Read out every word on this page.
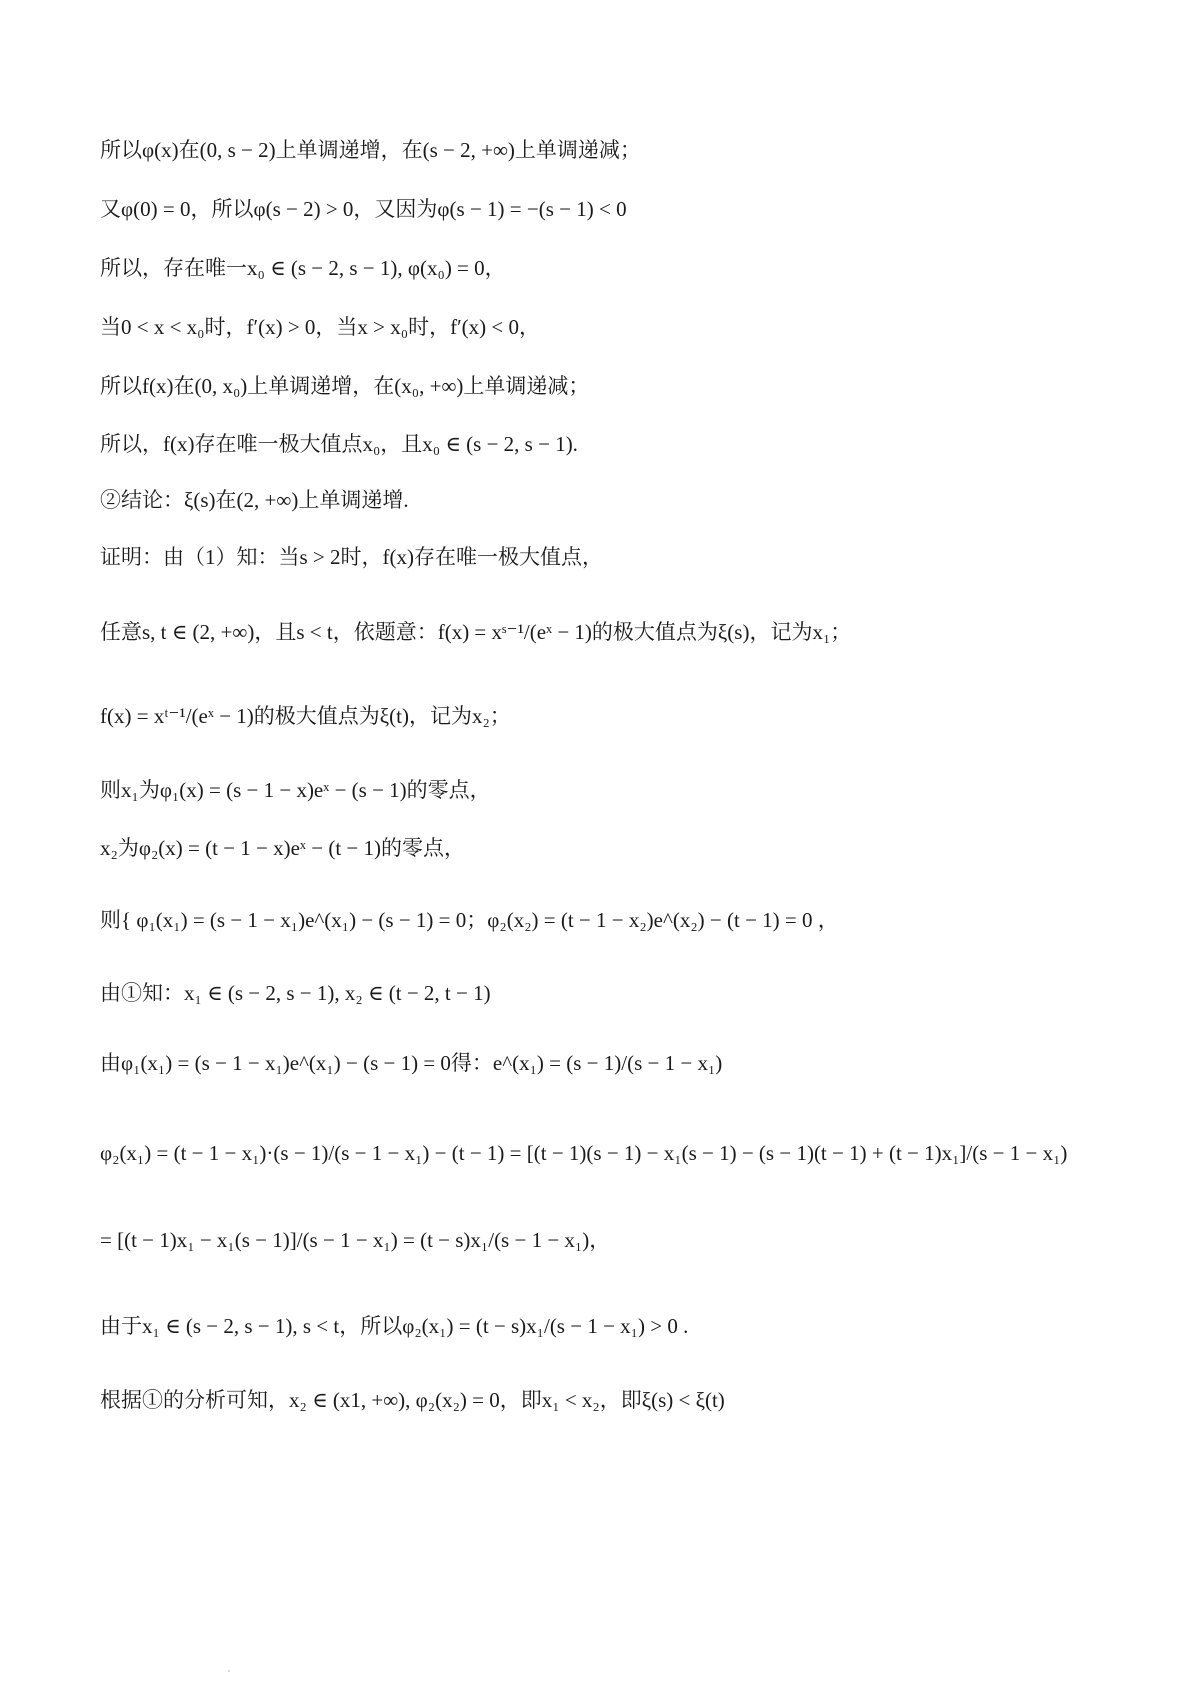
所以φ(x)在(0, s − 2)上单调递增，在(s − 2, +∞)上单调递减；
又φ(0) = 0，所以φ(s − 2) > 0，又因为φ(s − 1) = −(s − 1) < 0
所以，存在唯一x₀ ∈ (s − 2, s − 1), φ(x₀) = 0，
当0 < x < x₀时，f′(x) > 0，当x > x₀时，f′(x) < 0，
所以f(x)在(0, x₀)上单调递增，在(x₀, +∞)上单调递减；
所以，f(x)存在唯一极大值点x₀，且x₀ ∈ (s − 2, s − 1).
②结论：ξ(s)在(2, +∞)上单调递增.
证明：由（1）知：当s > 2时，f(x)存在唯一极大值点，
任意s, t ∈ (2, +∞)，且s < t，依题意：f(x) = xˢ⁻¹/(eˣ − 1)的极大值点为ξ(s)，记为x₁；
f(x) = xᵗ⁻¹/(eˣ − 1)的极大值点为ξ(t)，记为x₂；
则x₁为φ₁(x) = (s − 1 − x)eˣ − (s − 1)的零点，
x₂为φ₂(x) = (t − 1 − x)eˣ − (t − 1)的零点，
则{ φ₁(x₁) = (s − 1 − x₁)e^(x₁) − (s − 1) = 0；φ₂(x₂) = (t − 1 − x₂)e^(x₂) − (t − 1) = 0 ，
由①知：x₁ ∈ (s − 2, s − 1), x₂ ∈ (t − 2, t − 1)
由φ₁(x₁) = (s − 1 − x₁)e^(x₁) − (s − 1) = 0得：e^(x₁) = (s − 1)/(s − 1 − x₁)
φ₂(x₁) = (t − 1 − x₁)·(s − 1)/(s − 1 − x₁) − (t − 1) = [(t − 1)(s − 1) − x₁(s − 1) − (s − 1)(t − 1) + (t − 1)x₁]/(s − 1 − x₁)
= [(t − 1)x₁ − x₁(s − 1)]/(s − 1 − x₁) = (t − s)x₁/(s − 1 − x₁)，
由于x₁ ∈ (s − 2, s − 1), s < t，所以φ₂(x₁) = (t − s)x₁/(s − 1 − x₁) > 0 .
根据①的分析可知，x₂ ∈ (x1, +∞), φ₂(x₂) = 0，即x₁ < x₂，即ξ(s) < ξ(t)
